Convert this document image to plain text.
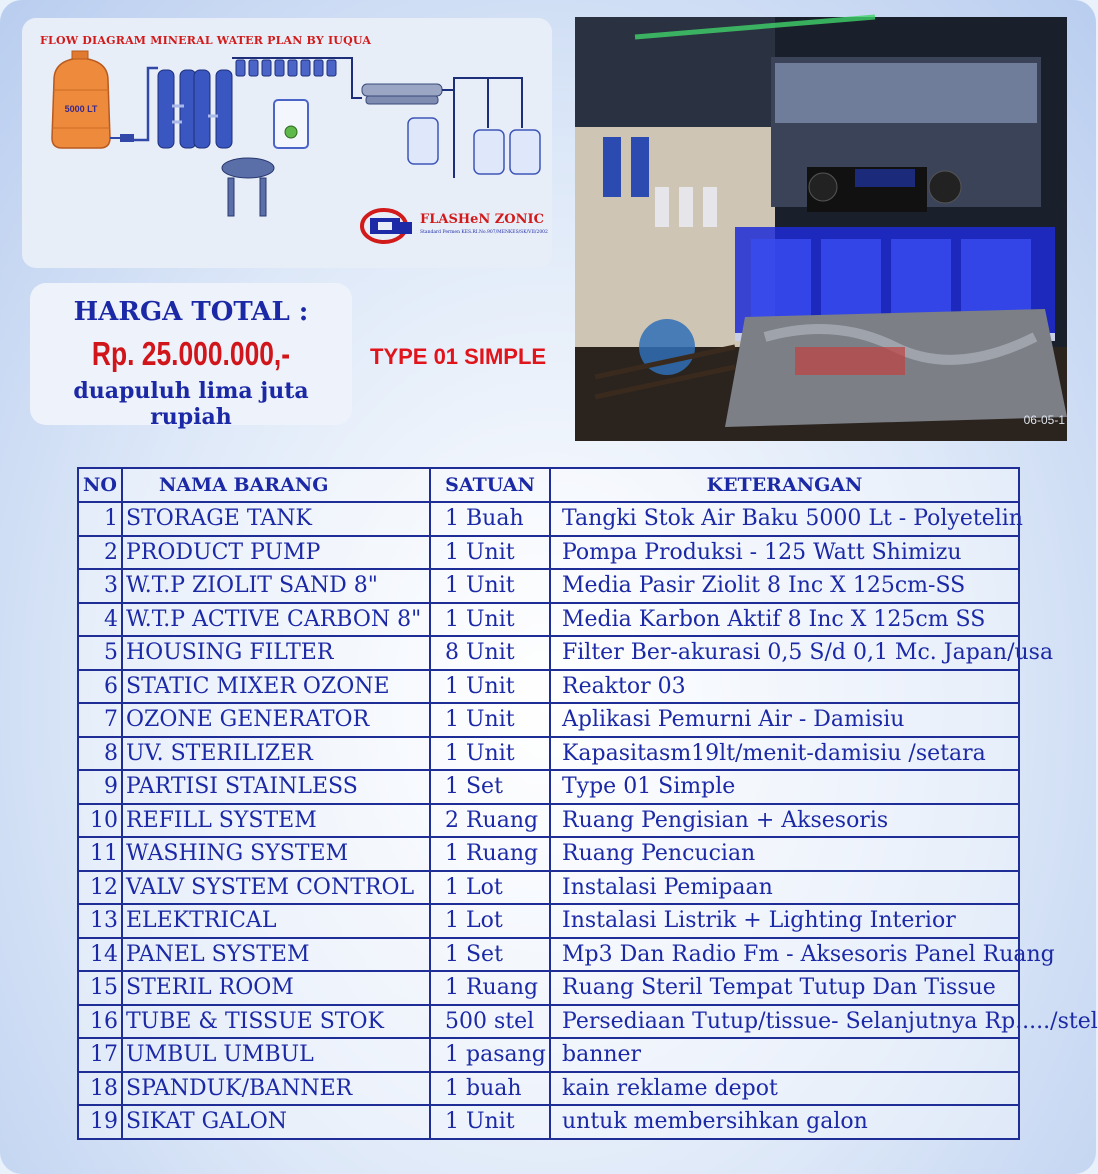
FLOW DIAGRAM MINERAL WATER PLAN BY IUQUA
5000 LT
FLASHeN ZONIC
Standard Permen KES.RI.No.907/MENKES/SK/VII/2002
HARGA TOTAL :
Rp. 25.000.000,-
duapuluh lima juta rupiah
TYPE 01 SIMPLE
06-05-1
NO	NAMA BARANG	SATUAN	KETERANGAN
1	STORAGE TANK	1 Buah	Tangki Stok Air Baku 5000 Lt - Polyetelin
2	PRODUCT PUMP	1 Unit	Pompa Produksi - 125 Watt Shimizu
3	W.T.P ZIOLIT SAND 8"	1 Unit	Media Pasir Ziolit 8 Inc X 125cm-SS
4	W.T.P ACTIVE CARBON 8"	1 Unit	Media Karbon Aktif 8 Inc X 125cm SS
5	HOUSING FILTER	8 Unit	Filter Ber-akurasi 0,5 S/d 0,1 Mc. Japan/usa
6	STATIC MIXER OZONE	1 Unit	Reaktor 03
7	OZONE GENERATOR	1 Unit	Aplikasi Pemurni Air - Damisiu
8	UV. STERILIZER	1 Unit	Kapasitasm19lt/menit-damisiu /setara
9	PARTISI STAINLESS	1 Set	Type 01 Simple
10	REFILL SYSTEM	2 Ruang	Ruang Pengisian + Aksesoris
11	WASHING SYSTEM	1 Ruang	Ruang Pencucian
12	VALV SYSTEM CONTROL	1 Lot	Instalasi Pemipaan
13	ELEKTRICAL	1 Lot	Instalasi Listrik + Lighting Interior
14	PANEL SYSTEM	1 Set	Mp3 Dan Radio Fm - Aksesoris Panel Ruang
15	STERIL ROOM	1 Ruang	Ruang Steril Tempat Tutup Dan Tissue
16	TUBE & TISSUE STOK	500 stel	Persediaan Tutup/tissue- Selanjutnya Rp...../stel
17	UMBUL UMBUL	1 pasang	banner
18	SPANDUK/BANNER	1 buah	kain reklame depot
19	SIKAT GALON	1 Unit	untuk membersihkan galon
